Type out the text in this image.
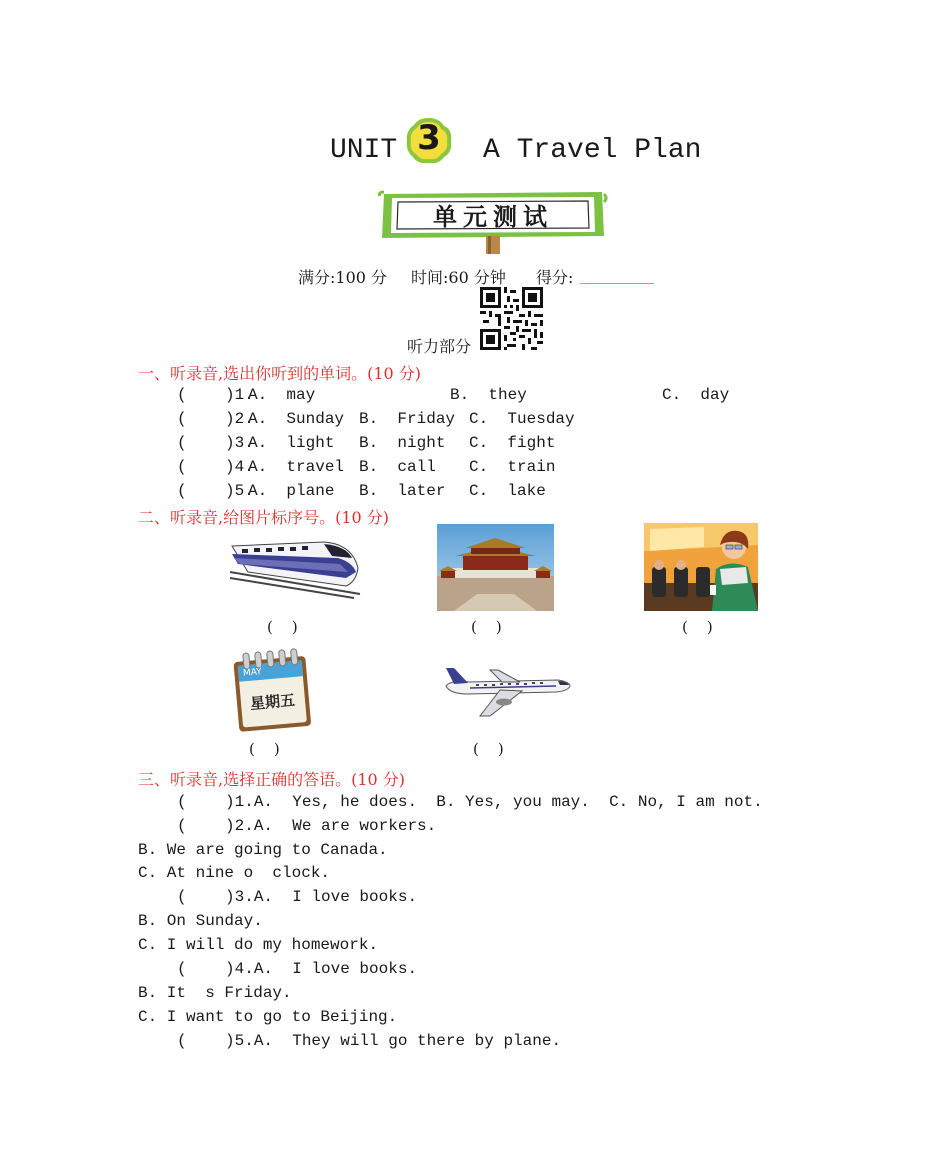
UNIT 3	A Travel Plan
单元测试
满分:100 分 时间:60 分钟 得分:
听力部分
一、听录音,选出你听到的单词。(10 分)
(    )1.
A.  may	B.  they	C.  day
(    )2.
A.  Sunday B.  Friday C.  Tuesday
(    )3.
A.  light B.  night C.  fight
(    )4.
A.  travel B.  call C.  train
(    )5.
A.  plane B.  later C.  lake
二、听录音,给图片标序号。(10 分)
(    )	(    )	(    )
MAY
星期五
(    )	(    )
三、听录音,选择正确的答语。(10 分)
(    )1.A.  Yes, he does.  B. Yes, you may.  C. No, I am not.
(    )2.A.  We are workers.
B. We are going to Canada.
C. At nine o  clock.
(    )3.A.  I love books.
B. On Sunday.
C. I will do my homework.
(    )4.A.  I love books.
B. It  s Friday.
C. I want to go to Beijing.
(    )5.A.  They will go there by plane.
